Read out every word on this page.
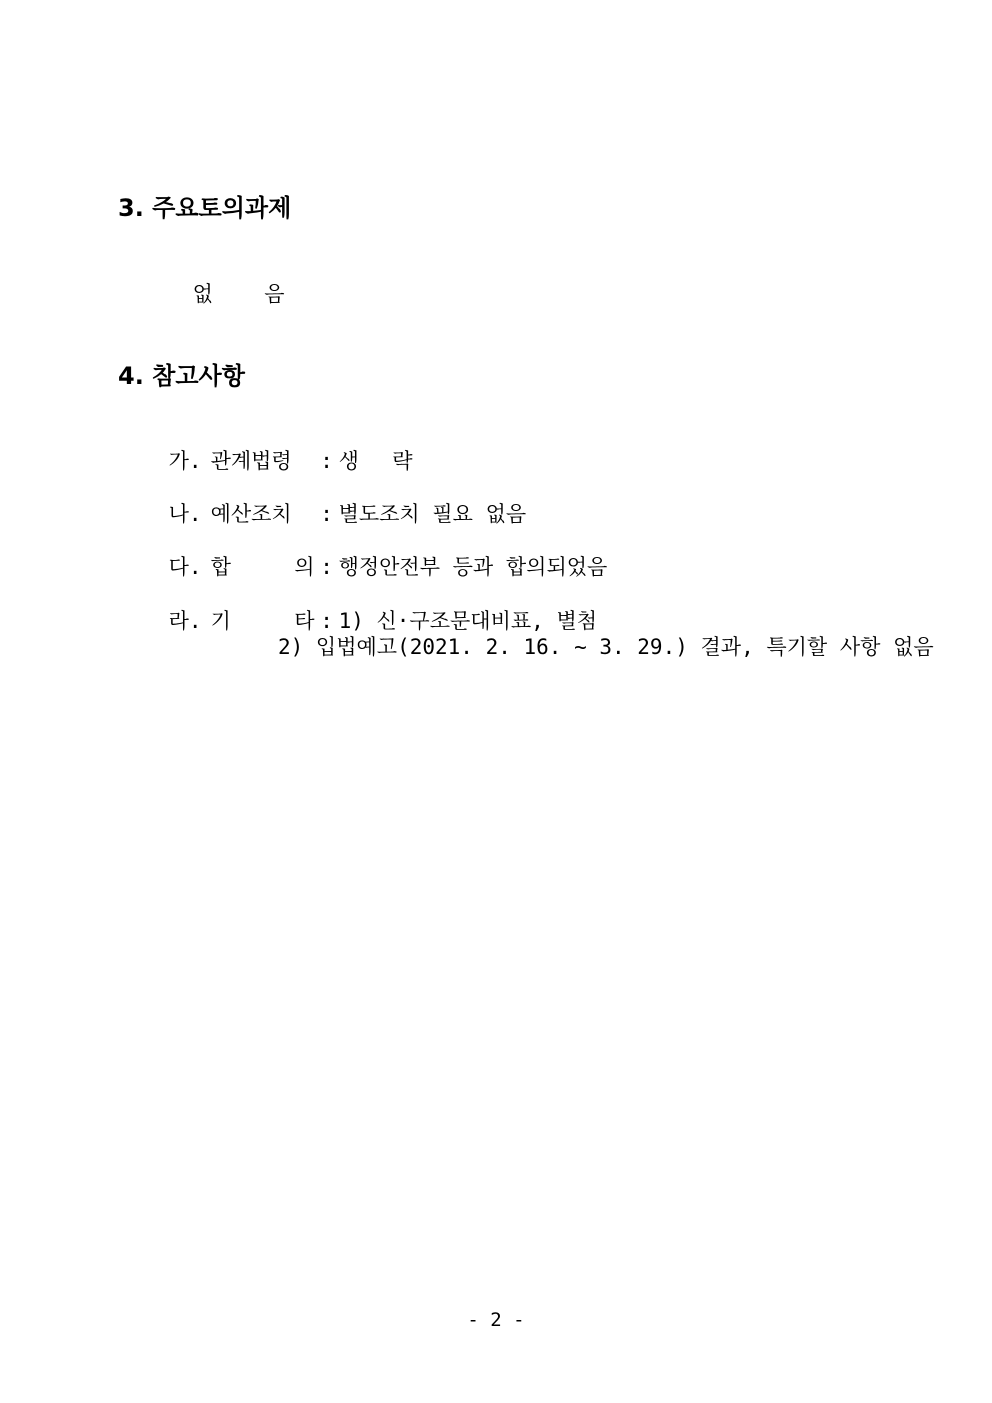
3. 주요토의과제

없 음

4. 참고사항

가. 관계법령 : 생 략

나. 예산조치 : 별도조치 필요 없음

다. 합	의 : 행정안전부 등과 합의되었음

라. 기	타 : 1) 신·구조문대비표, 별첨

2) 입법예고(2021. 2. 16. ~ 3. 29.) 결과, 특기할 사항 없음
- 2 -
